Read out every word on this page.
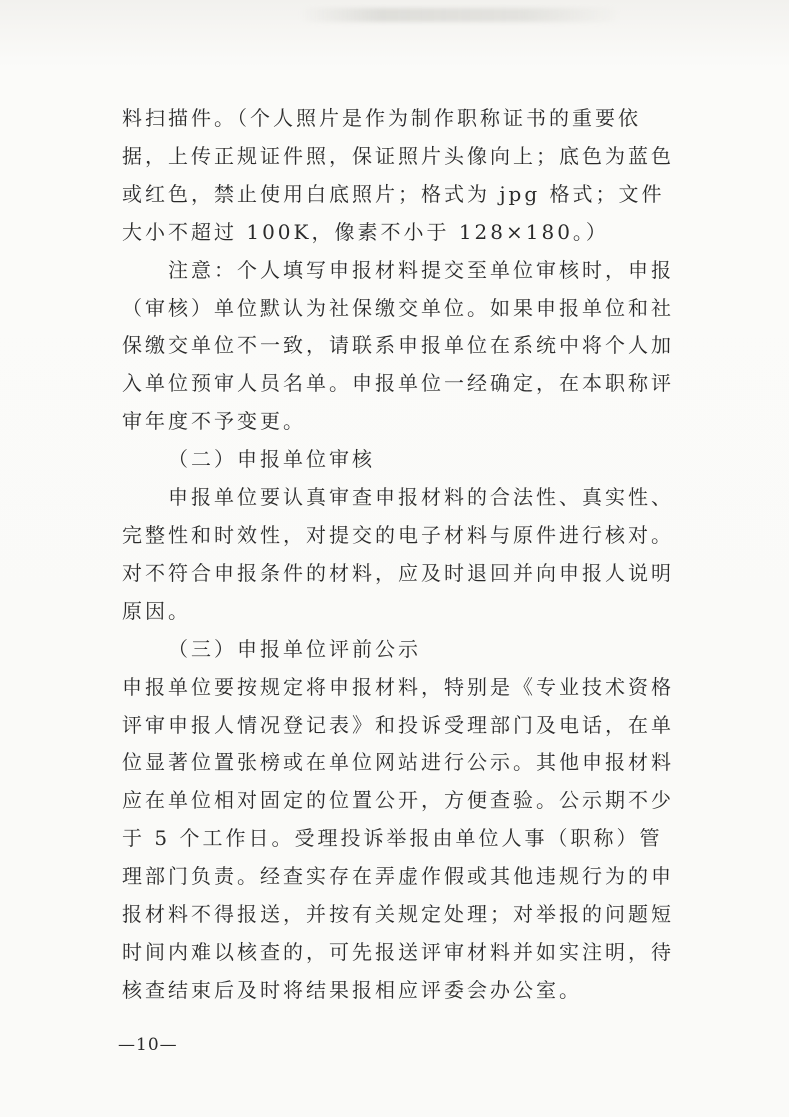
料扫描件。（个人照片是作为制作职称证书的重要依据，上传正规证件照，保证照片头像向上；底色为蓝色或红色，禁止使用白底照片；格式为 jpg 格式；文件大小不超过 100K，像素不小于 128×180。）

注意：个人填写申报材料提交至单位审核时，申报（审核）单位默认为社保缴交单位。如果申报单位和社保缴交单位不一致，请联系申报单位在系统中将个人加入单位预审人员名单。申报单位一经确定，在本职称评审年度不予变更。

（二）申报单位审核

申报单位要认真审查申报材料的合法性、真实性、完整性和时效性，对提交的电子材料与原件进行核对。对不符合申报条件的材料，应及时退回并向申报人说明原因。

（三）申报单位评前公示

申报单位要按规定将申报材料，特别是《专业技术资格评审申报人情况登记表》和投诉受理部门及电话，在单位显著位置张榜或在单位网站进行公示。其他申报材料应在单位相对固定的位置公开，方便查验。公示期不少于 5 个工作日。受理投诉举报由单位人事（职称）管理部门负责。经查实存在弄虚作假或其他违规行为的申报材料不得报送，并按有关规定处理；对举报的问题短时间内难以核查的，可先报送评审材料并如实注明，待核查结束后及时将结果报相应评委会办公室。

—10—
